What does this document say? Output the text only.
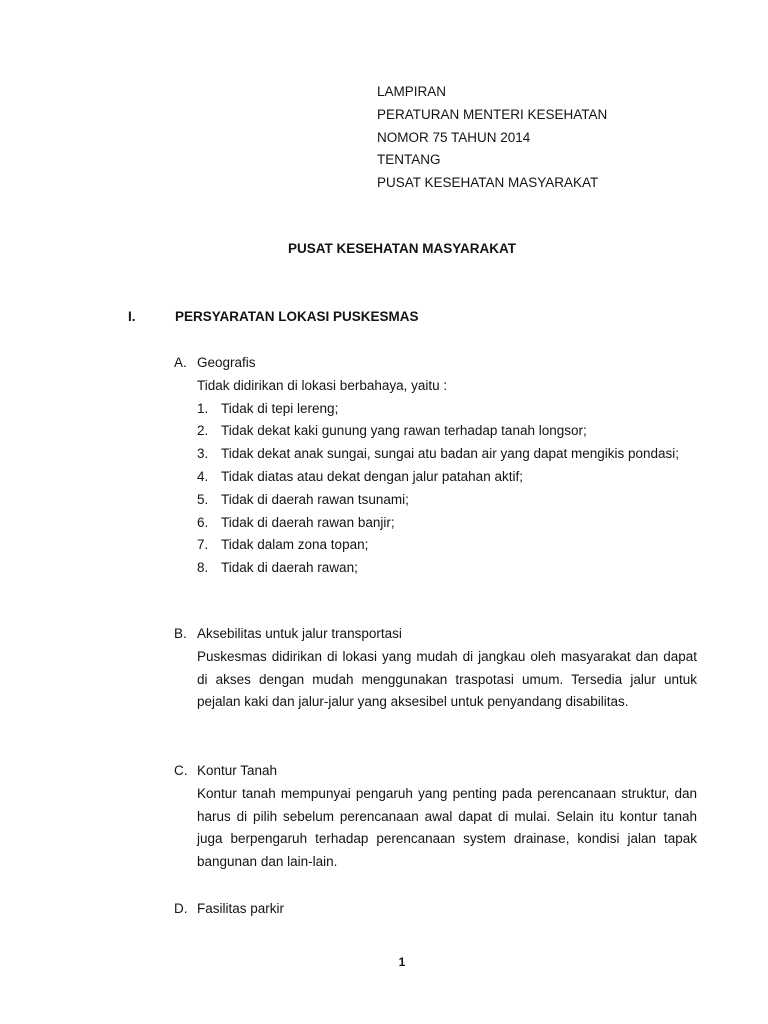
LAMPIRAN
PERATURAN MENTERI KESEHATAN
NOMOR 75 TAHUN 2014
TENTANG
PUSAT KESEHATAN MASYARAKAT
PUSAT KESEHATAN MASYARAKAT
I.	PERSYARATAN LOKASI PUSKESMAS
A. Geografis
Tidak didirikan di lokasi berbahaya, yaitu :
1. Tidak di tepi lereng;
2. Tidak dekat kaki gunung yang rawan terhadap tanah longsor;
3. Tidak dekat anak sungai, sungai atu badan air yang dapat mengikis pondasi;
4. Tidak diatas atau dekat dengan jalur patahan aktif;
5. Tidak di daerah rawan tsunami;
6. Tidak di daerah rawan banjir;
7. Tidak dalam zona topan;
8. Tidak di daerah rawan;
B. Aksebilitas untuk jalur transportasi
Puskesmas didirikan di lokasi yang mudah di jangkau oleh masyarakat dan dapat di akses dengan mudah menggunakan traspotasi umum. Tersedia jalur untuk pejalan kaki dan jalur-jalur yang aksesibel untuk penyandang disabilitas.
C. Kontur Tanah
Kontur tanah mempunyai pengaruh yang penting pada perencanaan struktur, dan harus di pilih sebelum perencanaan awal dapat di mulai. Selain itu kontur tanah juga berpengaruh terhadap perencanaan system drainase, kondisi jalan tapak bangunan dan lain-lain.
D. Fasilitas parkir
1
